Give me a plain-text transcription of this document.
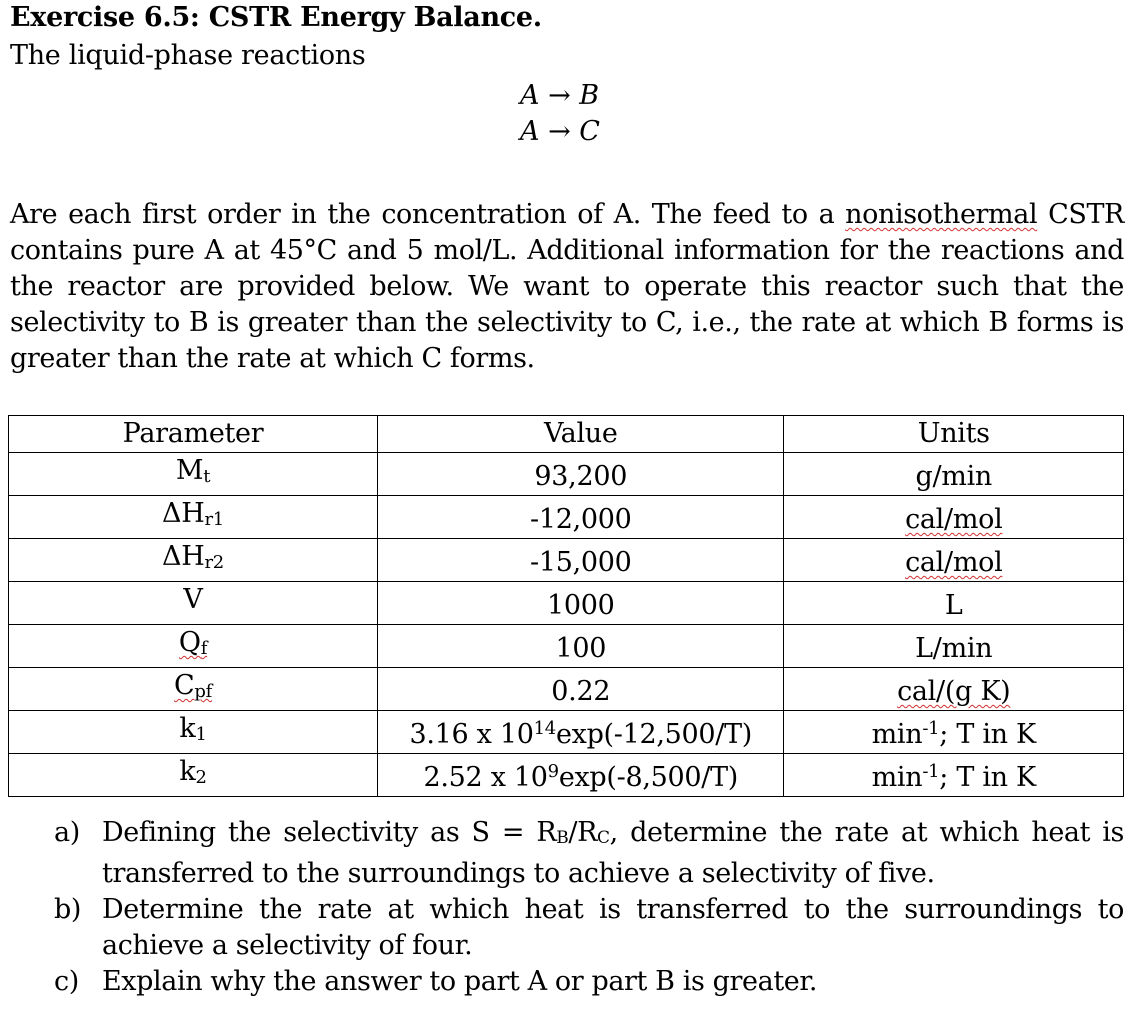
Exercise 6.5: CSTR Energy Balance.
The liquid-phase reactions
A → B
A → C
Are each first order in the concentration of A. The feed to a nonisothermal CSTR contains pure A at 45°C and 5 mol/L. Additional information for the reactions and the reactor are provided below. We want to operate this reactor such that the selectivity to B is greater than the selectivity to C, i.e., the rate at which B forms is greater than the rate at which C forms.
Parameter	Value	Units
$M_t$	93,200	g/min
$\Delta H_{r1}$	-12,000	cal/mol
$\Delta H_{r2}$	-15,000	cal/mol
V	1000	L
$Q_f$	100	L/min
$C_{pf}$	0.22	cal/(g K)
$k_1$	3.16 x $10^{14}\exp(-12,500/T)$	$\min^{-1}$; T in K
$k_2$	2.52 x $10^9\exp(-8,500/T)$	$\min^{-1}$; T in K
a) Defining the selectivity as $S = R_B/R_C$, determine the rate at which heat is transferred to the surroundings to achieve a selectivity of five.
b) Determine the rate at which heat is transferred to the surroundings to achieve a selectivity of four.
c) Explain why the answer to part A or part B is greater.
